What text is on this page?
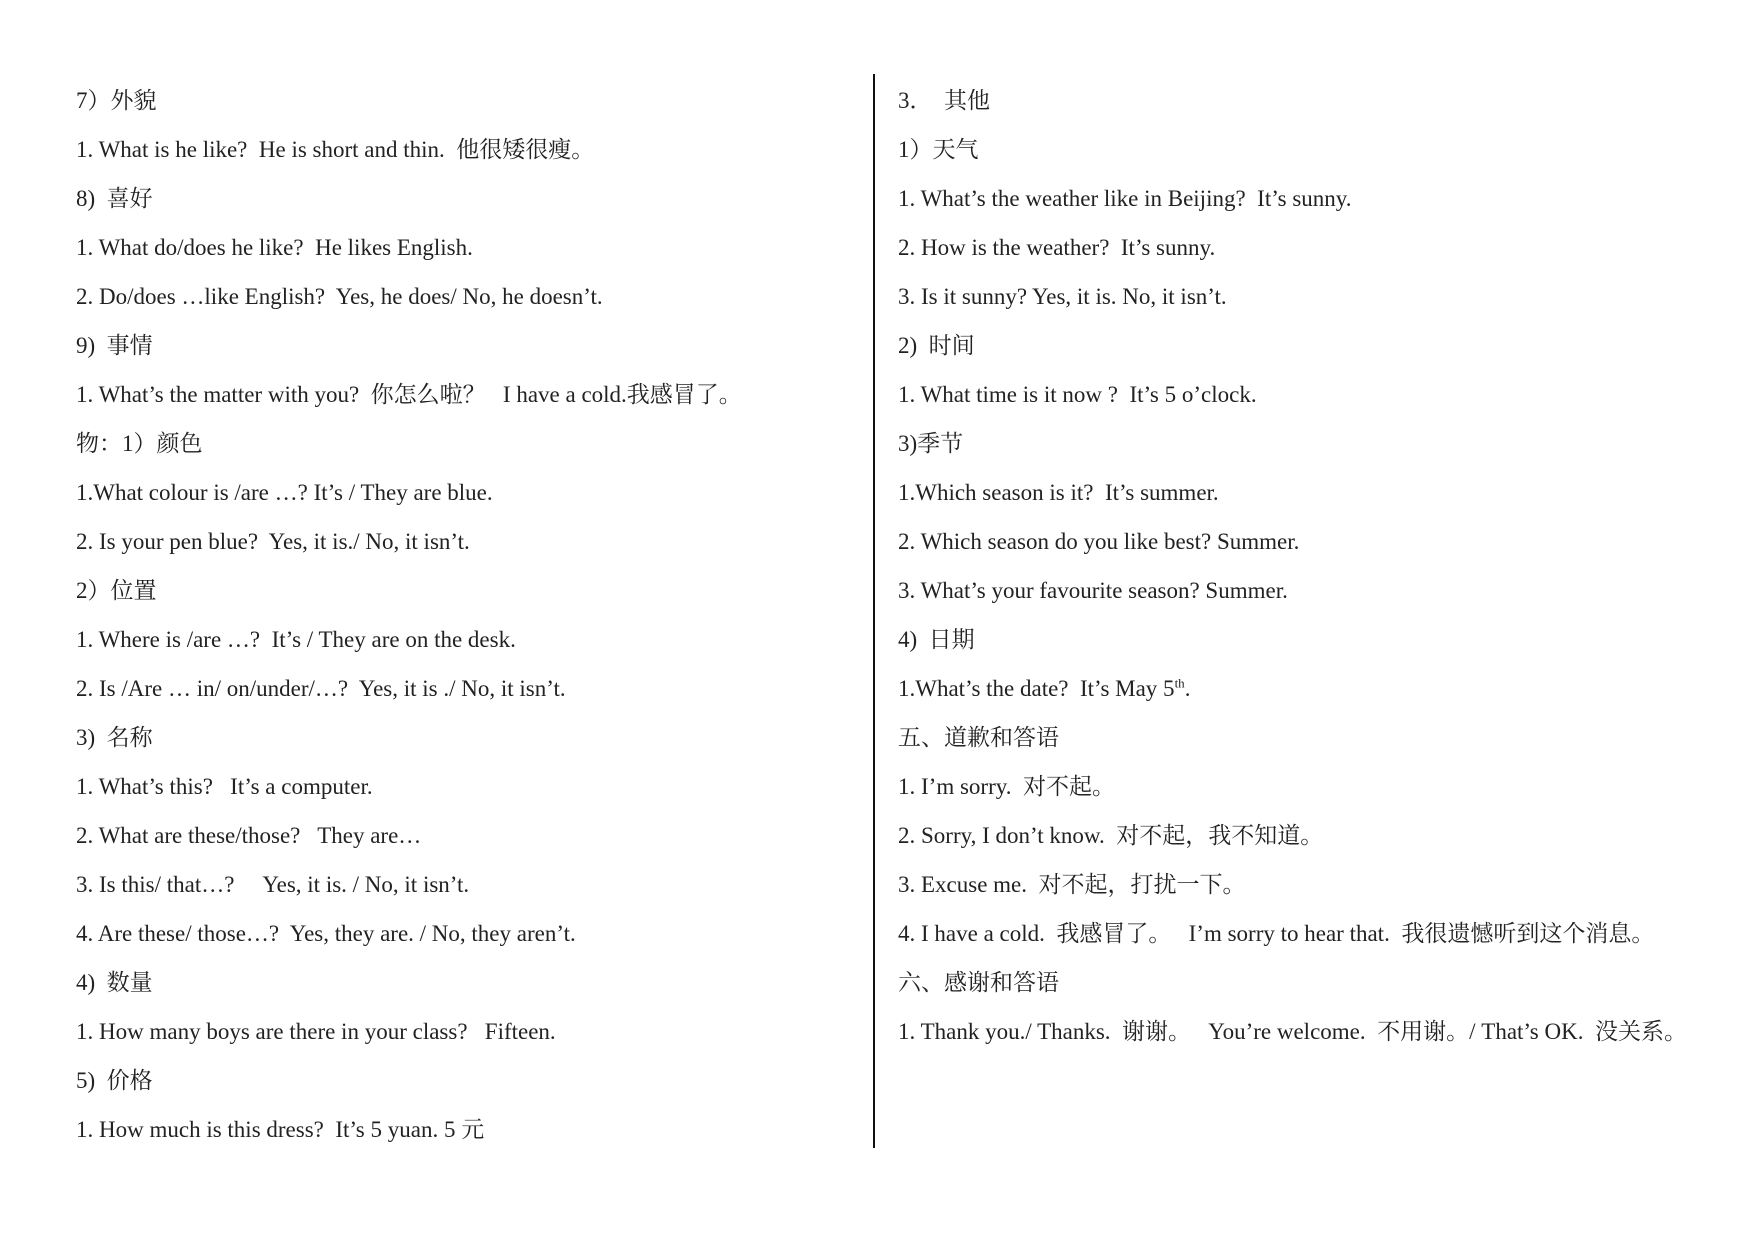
7）外貌
1. What is he like?  He is short and thin.  他很矮很瘦。
8)  喜好
1. What do/does he like?  He likes English.
2. Do/does …like English?  Yes, he does/ No, he doesn’t.
9)  事情
1. What’s the matter with you?  你怎么啦？   I have a cold.我感冒了。
物：1）颜色
1.What colour is /are …? It’s / They are blue.
2. Is your pen blue?  Yes, it is./ No, it isn’t.
2）位置
1. Where is /are …?  It’s / They are on the desk.
2. Is /Are … in/ on/under/…?  Yes, it is ./ No, it isn’t.
3)  名称
1. What’s this?   It’s a computer.
2. What are these/those?   They are…
3. Is this/ that…?     Yes, it is. / No, it isn’t.
4. Are these/ those…?  Yes, they are. / No, they aren’t.
4)  数量
1. How many boys are there in your class?   Fifteen.
5)  价格
1. How much is this dress?  It’s 5 yuan. 5 元
3．  其他
1）天气
1. What’s the weather like in Beijing?  It’s sunny.
2. How is the weather?  It’s sunny.
3. Is it sunny? Yes, it is. No, it isn’t.
2)  时间
1. What time is it now ?  It’s 5 o’clock.
3)季节
1.Which season is it?  It’s summer.
2. Which season do you like best? Summer.
3. What’s your favourite season? Summer.
4)  日期
1.What’s the date?  It’s May 5th.
五、道歉和答语
1. I’m sorry.  对不起。
2. Sorry, I don’t know.  对不起，我不知道。
3. Excuse me.  对不起，打扰一下。
4. I have a cold.  我感冒了。   I’m sorry to hear that.  我很遗憾听到这个消息。
六、感谢和答语
1. Thank you./ Thanks.  谢谢。   You’re welcome.  不用谢。/ That’s OK.  没关系。
